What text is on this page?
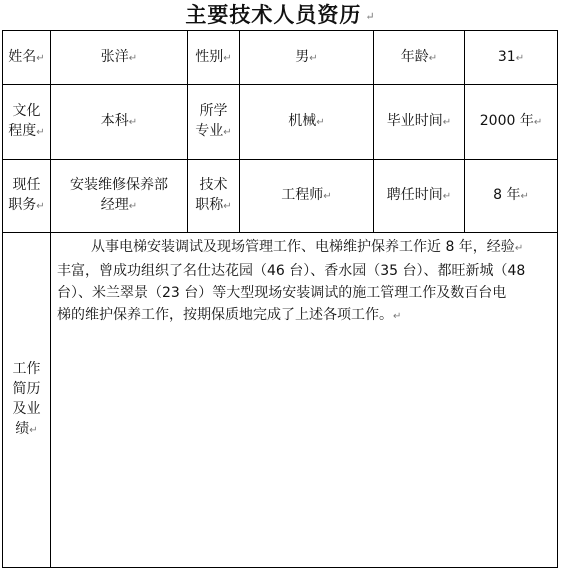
主要技术人员资历 ↵
姓名↵	张洋↵	性别↵	男↵	年龄↵	31↵
文化
程度↵	本科↵	所学
专业↵	机械↵	毕业时间↵	2000 年↵
现任
职务↵	安装维修保养部
经理↵	技术
职称↵	工程师↵	聘任时间↵	8 年↵
工作
简历
及业
绩↵	从事电梯安装调试及现场管理工作、电梯维护保养工作近 8 年，经验↵
丰富，曾成功组织了名仕达花园（46 台）、香水园（35 台）、都旺新城（48
台）、米兰翠景（23 台）等大型现场安装调试的施工管理工作及数百台电
梯的维护保养工作，按期保质地完成了上述各项工作。↵				
